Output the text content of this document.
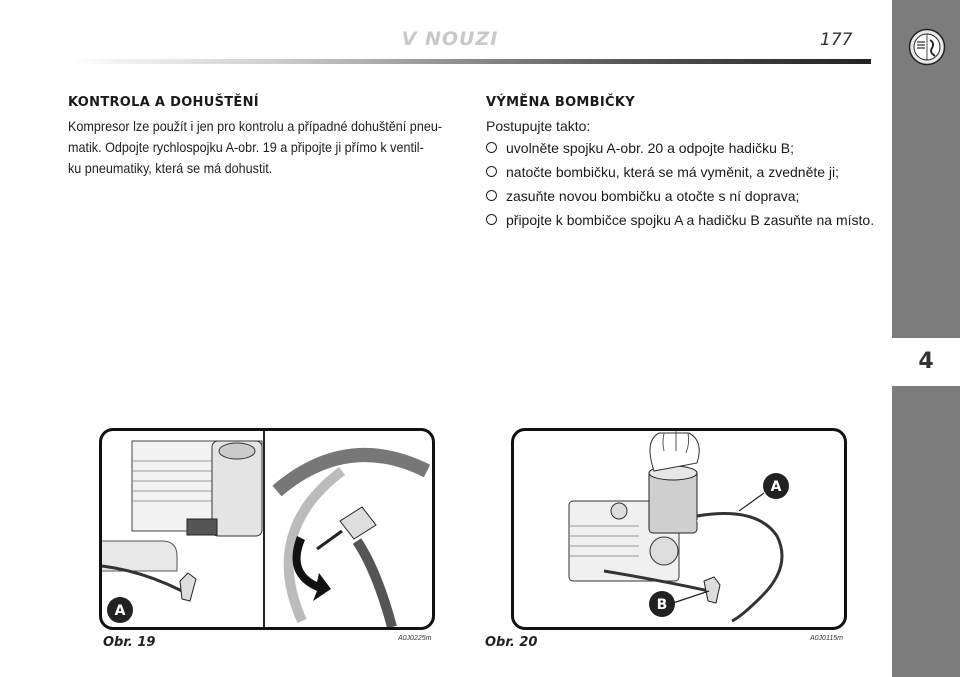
4
V NOUZI	177
KONTROLA A DOHUŠTĚNÍ
Kompresor lze použít i jen pro kontrolu a případné dohuštění pneu-
matik. Odpojte rychlospojku A-obr. 19 a připojte ji přímo k ventil-
ku pneumatiky, která se má dohustit.
VÝMĚNA BOMBIČKY
Postupujte takto:
uvolněte spojku A-obr. 20 a odpojte hadičku B;
natočte bombičku, která se má vyměnit, a zvedněte ji;
zasuňte novou bombičku a otočte s ní doprava;
připojte k bombičce spojku A a hadičku B zasuňte na místo.
A
Obr. 19	A0J0225m
A
B
Obr. 20	A0J0115m
